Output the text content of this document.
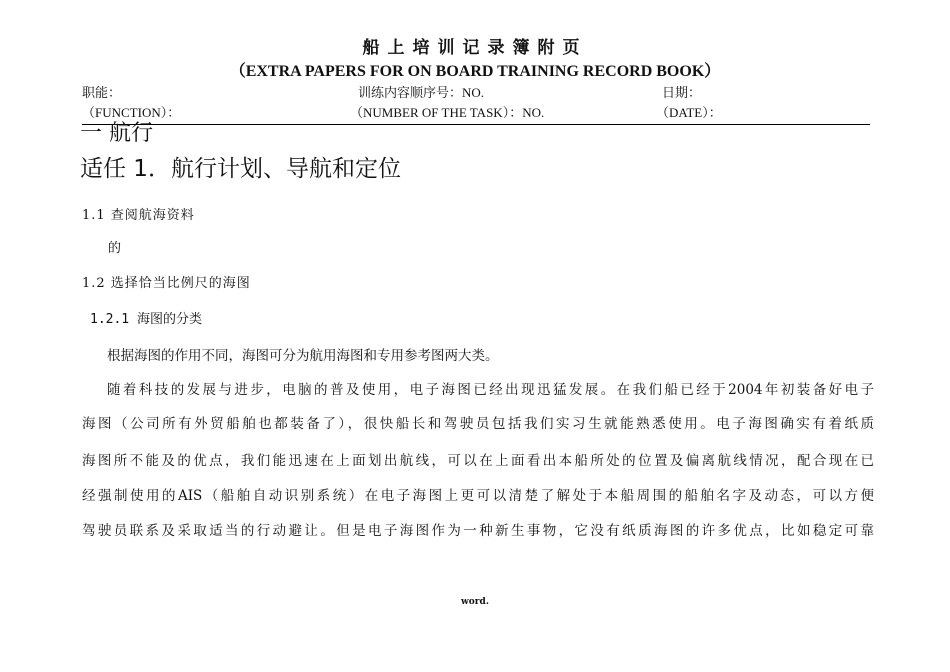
船上培训记录簿附页
（EXTRA PAPERS FOR ON BOARD TRAINING RECORD BOOK）
职能：
（FUNCTION）：
训练内容顺序号：NO.
（NUMBER OF THE TASK）：NO.
日期：
（DATE）：
一 航行
适任 1．航行计划、导航和定位
1.1 查阅航海资料
的
1.2 选择恰当比例尺的海图
1.2.1 海图的分类
根据海图的作用不同，海图可分为航用海图和专用参考图两大类。
随着科技的发展与进步，电脑的普及使用，电子海图已经出现迅猛发展。在我们船已经于2004年初装备好电子
海图（公司所有外贸船舶也都装备了），很快船长和驾驶员包括我们实习生就能熟悉使用。电子海图确实有着纸质
海图所不能及的优点，我们能迅速在上面划出航线，可以在上面看出本船所处的位置及偏离航线情况，配合现在已
经强制使用的AIS（船舶自动识别系统）在电子海图上更可以清楚了解处于本船周围的船舶名字及动态，可以方便
驾驶员联系及采取适当的行动避让。但是电子海图作为一种新生事物，它没有纸质海图的许多优点，比如稳定可靠
word.
